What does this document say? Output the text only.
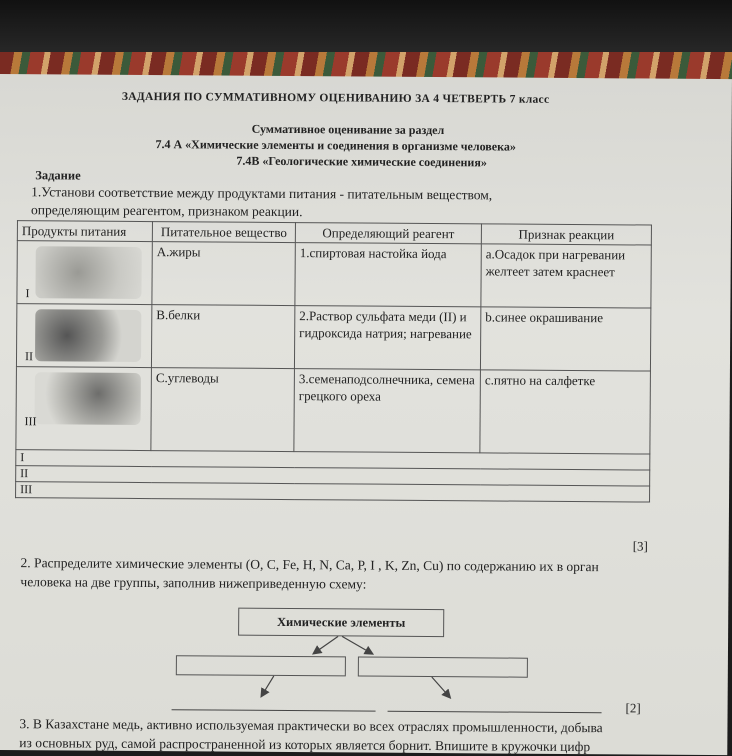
ЗАДАНИЯ ПО СУММАТИВНОМУ ОЦЕНИВАНИЮ ЗА 4 ЧЕТВЕРТЬ 7 класс
Суммативное оценивание за раздел
7.4 А «Химические элементы и соединения в организме человека»
7.4В «Геологические химические соединения»
Задание
1.Установи соответствие между продуктами питания - питательным веществом,
определяющим реагентом, признаком реакции.
Продукты питания	Питательное вещество	Определяющий реагент	Признак реакции

I	А.жиры	1.спиртовая настойка йода	a.Осадок при нагревании желтеет затем краснеет

II	В.белки	2.Раствор сульфата меди (II) и гидроксида натрия; нагревание	b.синее окрашивание

III	С.углеводы	3.семенаподсолнечника, семена грецкого ореха	с.пятно на салфетке
I			
II			
III			
[3]
2. Распределите химические элементы (O, C, Fe, H, N, Ca, P, I , K, Zn, Cu) по содержанию их в орган
человека на две группы, заполнив нижеприведенную схему:
Химические элементы
[2]
3. В Казахстане медь, активно используемая практически во всех отраслях промышленности, добыва
из основных руд, самой распространенной из которых является борнит. Впишите в кружочки цифр
